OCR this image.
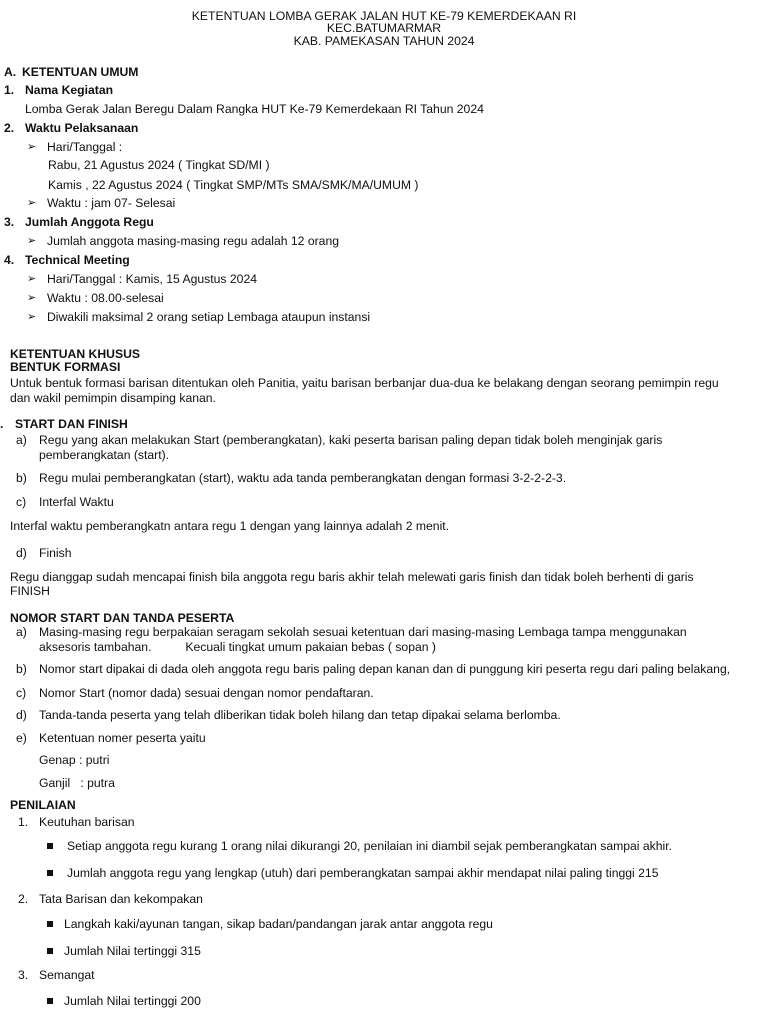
KETENTUAN LOMBA GERAK JALAN HUT KE-79 KEMERDEKAAN RI
KEC.BATUMARMAR
KAB. PAMEKASAN TAHUN 2024
A. KETENTUAN UMUM
1. Nama Kegiatan
Lomba Gerak Jalan Beregu Dalam Rangka HUT Ke-79 Kemerdekaan RI Tahun 2024
2. Waktu Pelaksanaan
➢ Hari/Tanggal :
Rabu, 21 Agustus 2024 ( Tingkat SD/MI )
Kamis , 22 Agustus 2024 ( Tingkat SMP/MTs SMA/SMK/MA/UMUM )
➢ Waktu : jam 07- Selesai
3. Jumlah Anggota Regu
➢ Jumlah anggota masing-masing regu adalah 12 orang
4. Technical Meeting
➢ Hari/Tanggal : Kamis, 15 Agustus 2024
➢ Waktu : 08.00-selesai
➢ Diwakili maksimal 2 orang setiap Lembaga ataupun instansi
KETENTUAN KHUSUS
BENTUK FORMASI
Untuk bentuk formasi barisan ditentukan oleh Panitia, yaitu barisan berbanjar dua-dua ke belakang dengan seorang pemimpin regu
dan wakil pemimpin disamping kanan.
. START DAN FINISH
a) Regu yang akan melakukan Start (pemberangkatan), kaki peserta barisan paling depan tidak boleh menginjak garis
pemberangkatan (start).
b) Regu mulai pemberangkatan (start), waktu ada tanda pemberangkatan dengan formasi 3-2-2-2-3.
c) Interfal Waktu
Interfal waktu pemberangkatn antara regu 1 dengan yang lainnya adalah 2 menit.
d) Finish
Regu dianggap sudah mencapai finish bila anggota regu baris akhir telah melewati garis finish dan tidak boleh berhenti di garis
FINISH
NOMOR START DAN TANDA PESERTA
a) Masing-masing regu berpakaian seragam sekolah sesuai ketentuan dari masing-masing Lembaga tampa menggunakan
aksesoris tambahan.          Kecuali tingkat umum pakaian bebas ( sopan )
b) Nomor start dipakai di dada oleh anggota regu baris paling depan kanan dan di punggung kiri peserta regu dari paling belakang,
c) Nomor Start (nomor dada) sesuai dengan nomor pendaftaran.
d) Tanda-tanda peserta yang telah dliberikan tidak boleh hilang dan tetap dipakai selama berlomba.
e) Ketentuan nomer peserta yaitu
Genap : putri
Ganjil   : putra
PENILAIAN
1. Keutuhan barisan
Setiap anggota regu kurang 1 orang nilai dikurangi 20, penilaian ini diambil sejak pemberangkatan sampai akhir.
Jumlah anggota regu yang lengkap (utuh) dari pemberangkatan sampai akhir mendapat nilai paling tinggi 215
2. Tata Barisan dan kekompakan
Langkah kaki/ayunan tangan, sikap badan/pandangan jarak antar anggota regu
Jumlah Nilai tertinggi 315
3. Semangat
Jumlah Nilai tertinggi 200
